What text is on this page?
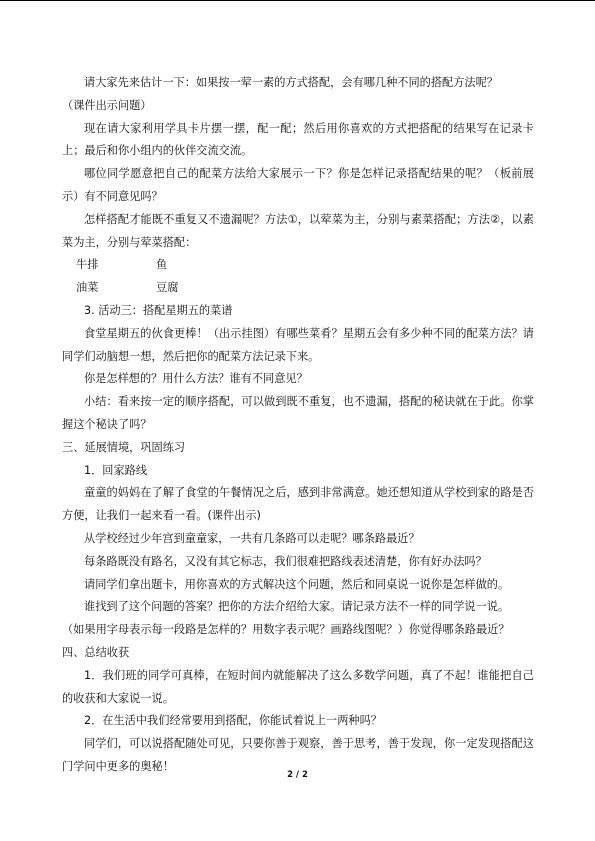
请大家先来估计一下：如果按一荤一素的方式搭配，会有哪几种不同的搭配方法呢？

（课件出示问题）

现在请大家利用学具卡片摆一摆，配一配；然后用你喜欢的方式把搭配的结果写在记录卡上；最后和你小组内的伙伴交流交流。

哪位同学愿意把自己的配菜方法给大家展示一下？你是怎样记录搭配结果的呢？（板前展示）有不同意见吗？

怎样搭配才能既不重复又不遗漏呢？方法①，以荤菜为主，分别与素菜搭配；方法②，以素菜为主，分别与荤菜搭配：

牛排	鱼

油菜	豆腐

3. 活动三：搭配星期五的菜谱

食堂星期五的伙食更棒！（出示挂图）有哪些菜肴？星期五会有多少种不同的配菜方法？请同学们动脑想一想，然后把你的配菜方法记录下来。

你是怎样想的？用什么方法？谁有不同意见？

小结：看来按一定的顺序搭配，可以做到既不重复，也不遗漏，搭配的秘诀就在于此。你掌握这个秘诀了吗？

三、延展情境，巩固练习

1．回家路线

童童的妈妈在了解了食堂的午餐情况之后，感到非常满意。她还想知道从学校到家的路是否方便，让我们一起来看一看。(课件出示)

从学校经过少年宫到童童家，一共有几条路可以走呢？哪条路最近？

每条路既没有路名，又没有其它标志，我们很难把路线表述清楚，你有好办法吗？

请同学们拿出题卡，用你喜欢的方式解决这个问题，然后和同桌说一说你是怎样做的。

谁找到了这个问题的答案？把你的方法介绍给大家。请记录方法不一样的同学说一说。

（如果用字母表示每一段路是怎样的？用数字表示呢？画路线图呢？）你觉得哪条路最近？

四、总结收获

1．我们班的同学可真棒，在短时间内就能解决了这么多数学问题，真了不起！谁能把自己的收获和大家说一说。

2．在生活中我们经常要用到搭配，你能试着说上一两种吗？

同学们，可以说搭配随处可见，只要你善于观察，善于思考，善于发现，你一定发现搭配这门学问中更多的奥秘！

2 / 2
